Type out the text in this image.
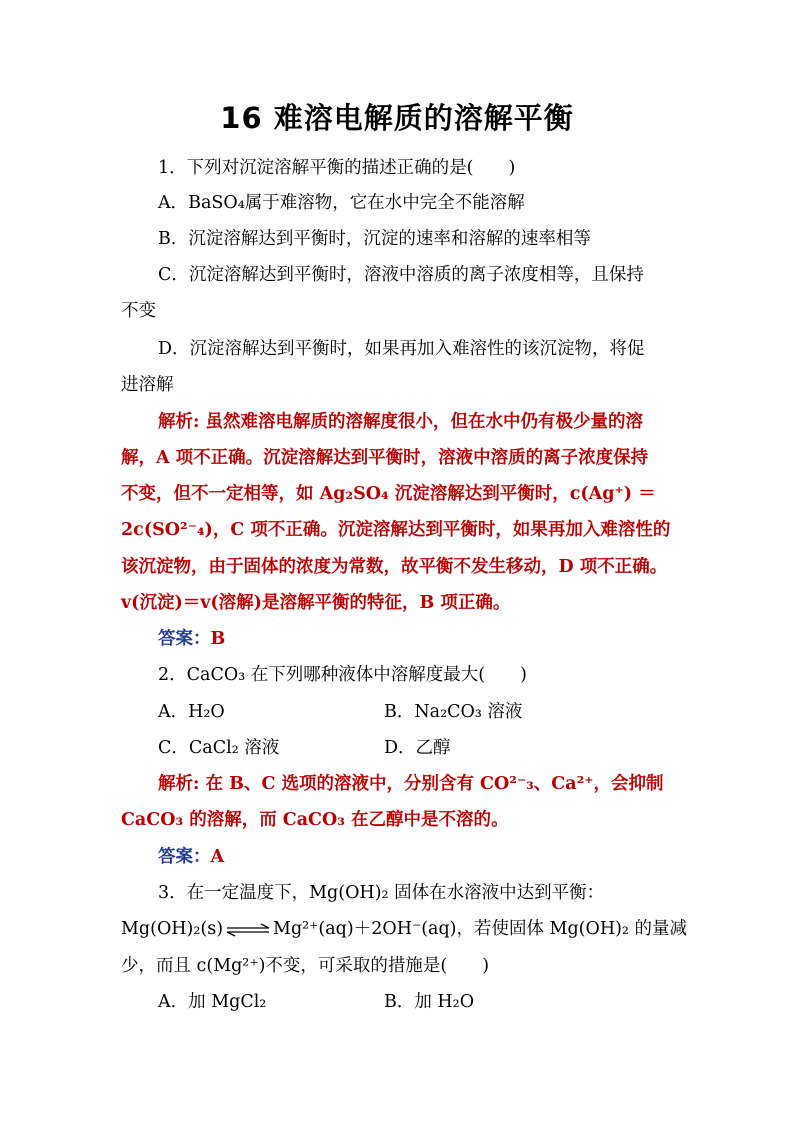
16 难溶电解质的溶解平衡
1．下列对沉淀溶解平衡的描述正确的是(　　)
A．BaSO₄属于难溶物，它在水中完全不能溶解
B．沉淀溶解达到平衡时，沉淀的速率和溶解的速率相等
C．沉淀溶解达到平衡时，溶液中溶质的离子浓度相等，且保持
不变
D．沉淀溶解达到平衡时，如果再加入难溶性的该沉淀物，将促
进溶解
解析: 虽然难溶电解质的溶解度很小，但在水中仍有极少量的溶
解，A 项不正确。沉淀溶解达到平衡时，溶液中溶质的离子浓度保持
不变，但不一定相等，如 Ag₂SO₄ 沉淀溶解达到平衡时，c(Ag⁺) ＝
2c(SO²⁻₄)，C 项不正确。沉淀溶解达到平衡时，如果再加入难溶性的
该沉淀物，由于固体的浓度为常数，故平衡不发生移动，D 项不正确。
v(沉淀)＝v(溶解)是溶解平衡的特征，B 项正确。
答案：B
2．CaCO₃ 在下列哪种液体中溶解度最大(　　)
A．H₂O	B．Na₂CO₃ 溶液
C．CaCl₂ 溶液	D．乙醇
解析: 在 B、C 选项的溶液中，分别含有 CO²⁻₃、Ca²⁺，会抑制
CaCO₃ 的溶解，而 CaCO₃ 在乙醇中是不溶的。
答案：A
3．在一定温度下，Mg(OH)₂ 固体在水溶液中达到平衡：
Mg(OH)₂(s) ⇌ Mg²⁺(aq)＋2OH⁻(aq)，若使固体 Mg(OH)₂ 的量减
少，而且 c(Mg²⁺)不变，可采取的措施是(　　)
A．加 MgCl₂	B．加 H₂O
